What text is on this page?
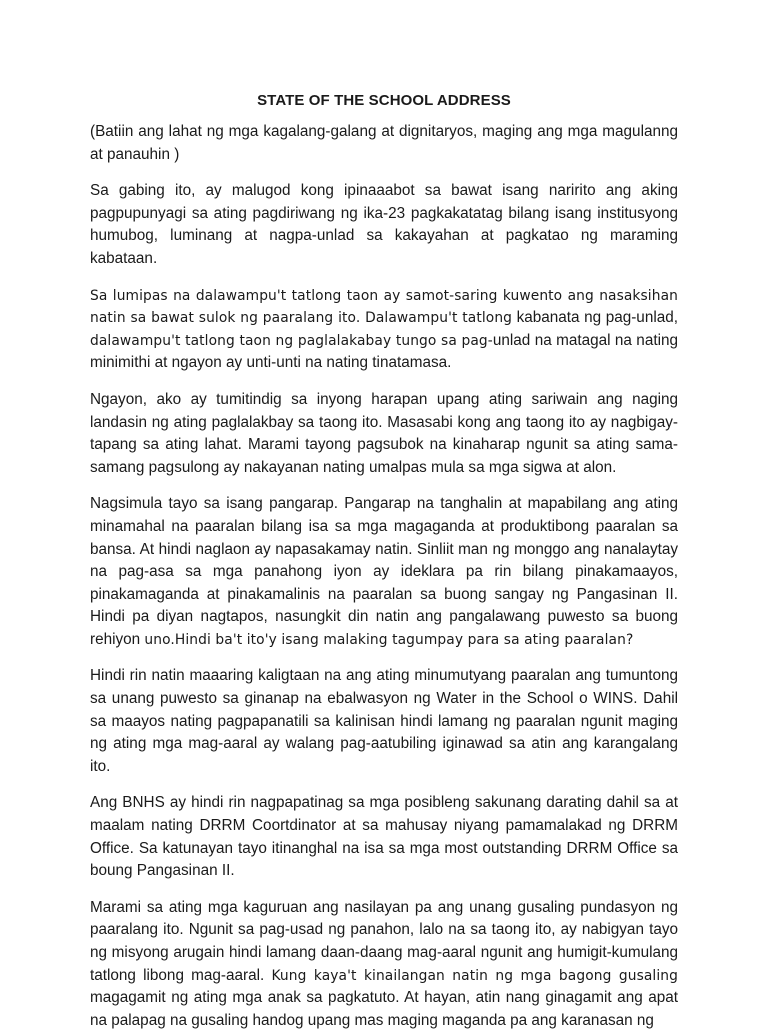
STATE OF THE SCHOOL ADDRESS

(Batiin ang lahat ng mga kagalang-galang at dignitaryos, maging ang mga magulanng at panauhin )

Sa gabing ito, ay malugod kong ipinaaabot sa bawat isang naririto ang aking pagpupunyagi sa ating pagdiriwang ng ika-23 pagkakatatag bilang isang institusyong humubog, luminang at nagpa-unlad sa kakayahan at pagkatao ng maraming kabataan.

Sa lumipas na dalawampu't tatlong taon ay samot-saring kuwento ang nasaksihan natin sa bawat sulok ng paaralang ito. Dalawampu't tatlong kabanata ng pag-unlad, dalawampu't tatlong taon ng paglalakabay tungo sa pag-unlad na matagal na nating minimithi at ngayon ay unti-unti na nating tinatamasa.

Ngayon, ako ay tumitindig sa inyong harapan upang ating sariwain ang naging landasin ng ating paglalakbay sa taong ito. Masasabi kong ang taong ito ay nagbigay-tapang sa ating lahat. Marami tayong pagsubok na kinaharap ngunit sa ating sama-samang pagsulong ay nakayanan nating umalpas mula sa mga sigwa at alon.

Nagsimula tayo sa isang pangarap. Pangarap na tanghalin at mapabilang ang ating minamahal na paaralan bilang isa sa mga magaganda at produktibong paaralan sa bansa. At hindi naglaon ay napasakamay natin. Sinliit man ng monggo ang nanalaytay na pag-asa sa mga panahong iyon ay ideklara pa rin bilang pinakamaayos, pinakamaganda at pinakamalinis na paaralan sa buong sangay ng Pangasinan II. Hindi pa diyan nagtapos, nasungkit din natin ang pangalawang puwesto sa buong rehiyon uno.Hindi ba't ito'y isang malaking tagumpay para sa ating paaralan?

Hindi rin natin maaaring kaligtaan na ang ating minumutyang paaralan ang tumuntong sa unang puwesto sa ginanap na ebalwasyon ng Water in the School o WINS. Dahil sa maayos nating pagpapanatili sa kalinisan hindi lamang ng paaralan ngunit maging ng ating mga mag-aaral ay walang pag-aatubiling iginawad sa atin ang karangalang ito.

Ang BNHS ay hindi rin nagpapatinag sa mga posibleng sakunang darating dahil sa at maalam nating DRRM Coortdinator at sa mahusay niyang pamamalakad ng DRRM Office. Sa katunayan tayo itinanghal na isa sa mga most outstanding DRRM Office sa boung Pangasinan II.

Marami sa ating mga kaguruan ang nasilayan pa ang unang gusaling pundasyon ng paaralang ito. Ngunit sa pag-usad ng panahon, lalo na sa taong ito, ay nabigyan tayo ng misyong arugain hindi lamang daan-daang mag-aaral ngunit ang humigit-kumulang tatlong libong mag-aaral. Kung kaya't kinailangan natin ng mga bagong gusaling magagamit ng ating mga anak sa pagkatuto. At hayan, atin nang ginagamit ang apat na palapag na gusaling handog upang mas maging maganda pa ang karanasan ng
